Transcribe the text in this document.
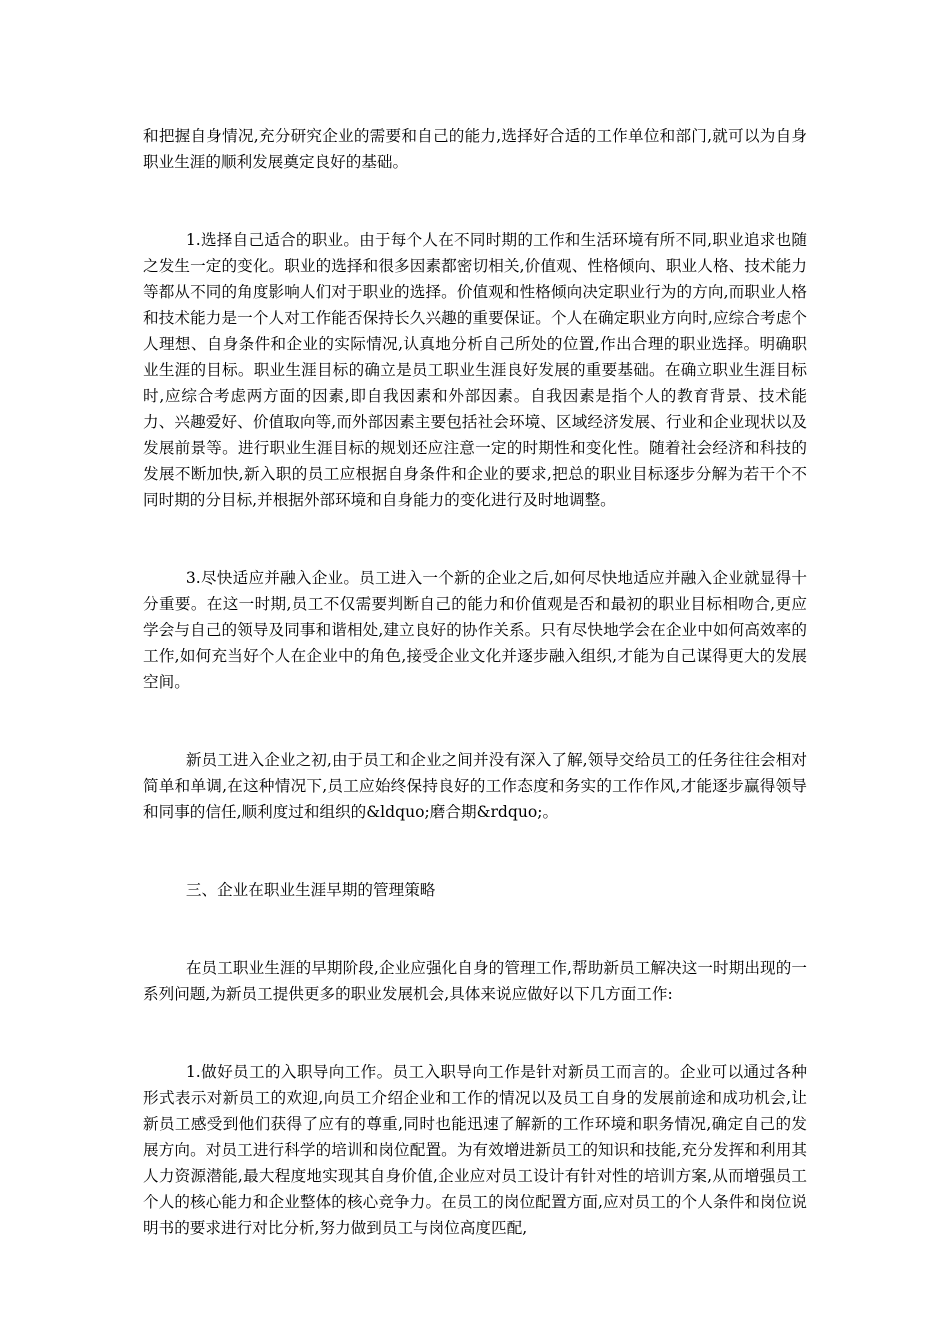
和把握自身情况,充分研究企业的需要和自己的能力,选择好合适的工作单位和部门,就可以为自身职业生涯的顺利发展奠定良好的基础。

1.选择自己适合的职业。由于每个人在不同时期的工作和生活环境有所不同,职业追求也随之发生一定的变化。职业的选择和很多因素都密切相关,价值观、性格倾向、职业人格、技术能力等都从不同的角度影响人们对于职业的选择。价值观和性格倾向决定职业行为的方向,而职业人格和技术能力是一个人对工作能否保持长久兴趣的重要保证。个人在确定职业方向时,应综合考虑个人理想、自身条件和企业的实际情况,认真地分析自己所处的位置,作出合理的职业选择。明确职业生涯的目标。职业生涯目标的确立是员工职业生涯良好发展的重要基础。在确立职业生涯目标时,应综合考虑两方面的因素,即自我因素和外部因素。自我因素是指个人的教育背景、技术能力、兴趣爱好、价值取向等,而外部因素主要包括社会环境、区域经济发展、行业和企业现状以及发展前景等。进行职业生涯目标的规划还应注意一定的时期性和变化性。随着社会经济和科技的发展不断加快,新入职的员工应根据自身条件和企业的要求,把总的职业目标逐步分解为若干个不同时期的分目标,并根据外部环境和自身能力的变化进行及时地调整。

3.尽快适应并融入企业。员工进入一个新的企业之后,如何尽快地适应并融入企业就显得十分重要。在这一时期,员工不仅需要判断自己的能力和价值观是否和最初的职业目标相吻合,更应学会与自己的领导及同事和谐相处,建立良好的协作关系。只有尽快地学会在企业中如何高效率的工作,如何充当好个人在企业中的角色,接受企业文化并逐步融入组织,才能为自己谋得更大的发展空间。

新员工进入企业之初,由于员工和企业之间并没有深入了解,领导交给员工的任务往往会相对简单和单调,在这种情况下,员工应始终保持良好的工作态度和务实的工作作风,才能逐步赢得领导和同事的信任,顺利度过和组织的&ldquo;磨合期&rdquo;。

三、企业在职业生涯早期的管理策略

在员工职业生涯的早期阶段,企业应强化自身的管理工作,帮助新员工解决这一时期出现的一系列问题,为新员工提供更多的职业发展机会,具体来说应做好以下几方面工作:

1.做好员工的入职导向工作。员工入职导向工作是针对新员工而言的。企业可以通过各种形式表示对新员工的欢迎,向员工介绍企业和工作的情况以及员工自身的发展前途和成功机会,让新员工感受到他们获得了应有的尊重,同时也能迅速了解新的工作环境和职务情况,确定自己的发展方向。对员工进行科学的培训和岗位配置。为有效增进新员工的知识和技能,充分发挥和利用其人力资源潜能,最大程度地实现其自身价值,企业应对员工设计有针对性的培训方案,从而增强员工个人的核心能力和企业整体的核心竞争力。在员工的岗位配置方面,应对员工的个人条件和岗位说明书的要求进行对比分析,努力做到员工与岗位高度匹配,
